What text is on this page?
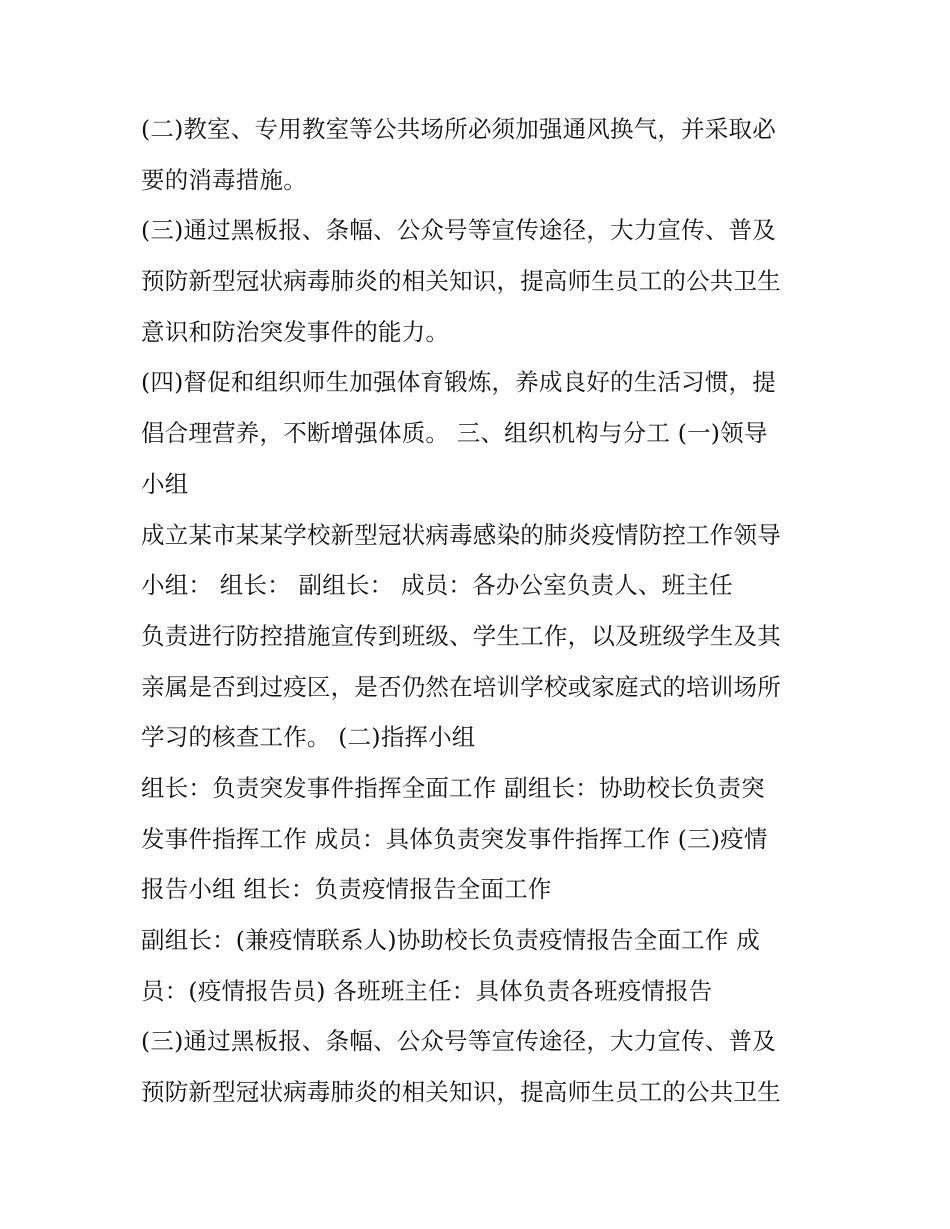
(二)教室、专用教室等公共场所必须加强通风换气，并采取必
要的消毒措施。
(三)通过黑板报、条幅、公众号等宣传途径，大力宣传、普及
预防新型冠状病毒肺炎的相关知识，提高师生员工的公共卫生
意识和防治突发事件的能力。
(四)督促和组织师生加强体育锻炼，养成良好的生活习惯，提
倡合理营养，不断增强体质。 三、组织机构与分工 (一)领导
小组
成立某市某某学校新型冠状病毒感染的肺炎疫情防控工作领导
小组： 组长： 副组长： 成员：各办公室负责人、班主任
负责进行防控措施宣传到班级、学生工作，以及班级学生及其
亲属是否到过疫区，是否仍然在培训学校或家庭式的培训场所
学习的核查工作。 (二)指挥小组
组长：负责突发事件指挥全面工作 副组长：协助校长负责突
发事件指挥工作 成员：具体负责突发事件指挥工作 (三)疫情
报告小组 组长：负责疫情报告全面工作
副组长：(兼疫情联系人)协助校长负责疫情报告全面工作 成
员：(疫情报告员) 各班班主任：具体负责各班疫情报告
(三)通过黑板报、条幅、公众号等宣传途径，大力宣传、普及
预防新型冠状病毒肺炎的相关知识，提高师生员工的公共卫生
